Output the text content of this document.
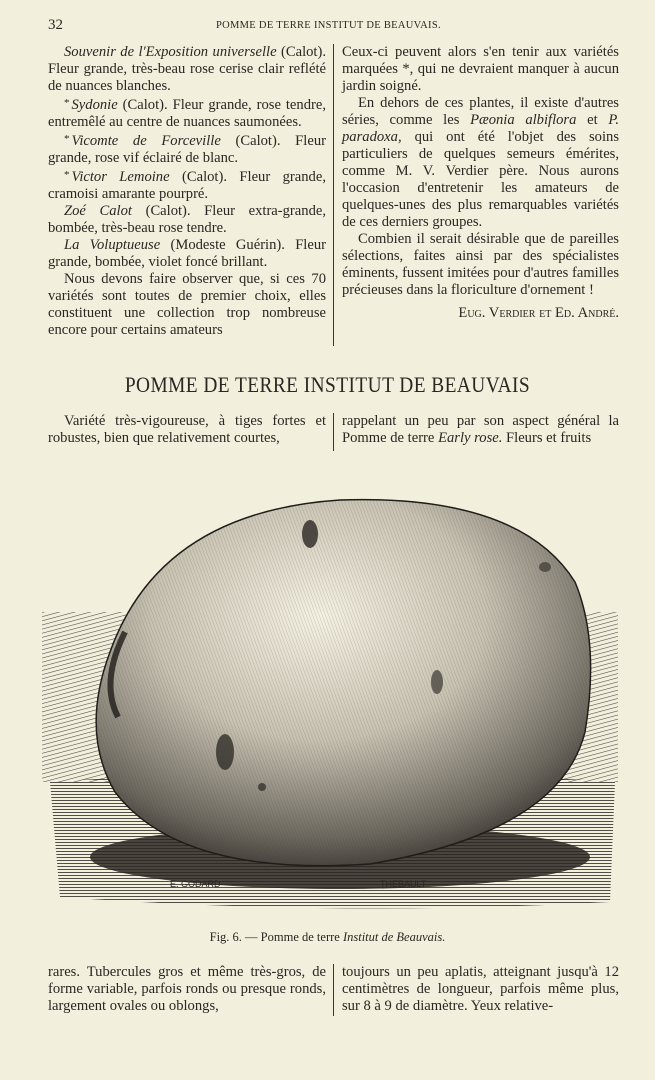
32	POMME DE TERRE INSTITUT DE BEAUVAIS.

Souvenir de l'Exposition universelle (Calot). Fleur grande, très-beau rose cerise clair reflété de nuances blanches.

* Sydonie (Calot). Fleur grande, rose tendre, entremêlé au centre de nuances saumonées.

* Vicomte de Forceville (Calot). Fleur grande, rose vif éclairé de blanc.

* Victor Lemoine (Calot). Fleur grande, cramoisi amarante pourpré.

Zoé Calot (Calot). Fleur extra-grande, bombée, très-beau rose tendre.

La Voluptueuse (Modeste Guérin). Fleur grande, bombée, violet foncé brillant.

Nous devons faire observer que, si ces 70 variétés sont toutes de premier choix, elles constituent une collection trop nombreuse encore pour certains amateurs

Ceux-ci peuvent alors s'en tenir aux variétés marquées *, qui ne devraient manquer à aucun jardin soigné.

En dehors de ces plantes, il existe d'autres séries, comme les Pæonia albiflora et P. paradoxa, qui ont été l'objet des soins particuliers de quelques semeurs émérites, comme M. V. Verdier père. Nous aurons l'occasion d'entretenir les amateurs de quelques-unes des plus remarquables variétés de ces derniers groupes.

Combien il serait désirable que de pareilles sélections, faites ainsi par des spécialistes éminents, fussent imitées pour d'autres familles précieuses dans la floriculture d'ornement !

Eug. Verdier et Ed. André.

POMME DE TERRE INSTITUT DE BEAUVAIS

Variété très-vigoureuse, à tiges fortes et robustes, bien que relativement courtes,

rappelant un peu par son aspect général la Pomme de terre Early rose. Fleurs et fruits

E. GODARD	THEBAULT
Fig. 6. — Pomme de terre Institut de Beauvais.

rares. Tubercules gros et même très-gros, de forme variable, parfois ronds ou presque ronds, largement ovales ou oblongs,

toujours un peu aplatis, atteignant jusqu'à 12 centimètres de longueur, parfois même plus, sur 8 à 9 de diamètre. Yeux relative-
